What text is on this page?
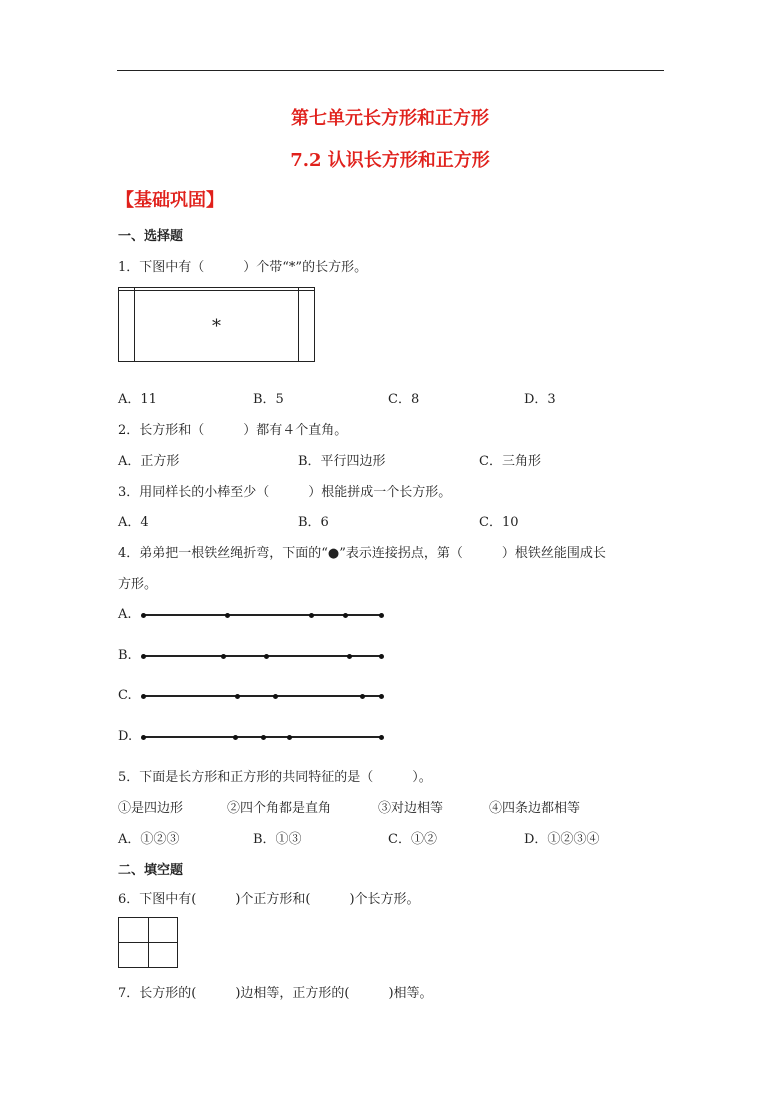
第七单元长方形和正方形
7.2 认识长方形和正方形
【基础巩固】
一、选择题
1．下图中有（　　　）个带“*”的长方形。

	*	
A．11	B．5	C．8	D．3
2．长方形和（　　　）都有４个直角。
A．正方形	B．平行四边形	C．三角形
3．用同样长的小棒至少（　　　）根能拼成一个长方形。
A．4	B．6	C．10
4．弟弟把一根铁丝绳折弯，下面的“●”表示连接拐点，第（　　　）根铁丝能围成长
方形。
A.
B.
C.
D.
5．下面是长方形和正方形的共同特征的是（　　　）。
①是四边形	②四个角都是直角	③对边相等	④四条边都相等
A．①②③	B．①③	C．①②	D．①②③④
二、填空题
6．下图中有(　　　)个正方形和(　　　)个长方形。

7．长方形的(　　　)边相等，正方形的(　　　)相等。
